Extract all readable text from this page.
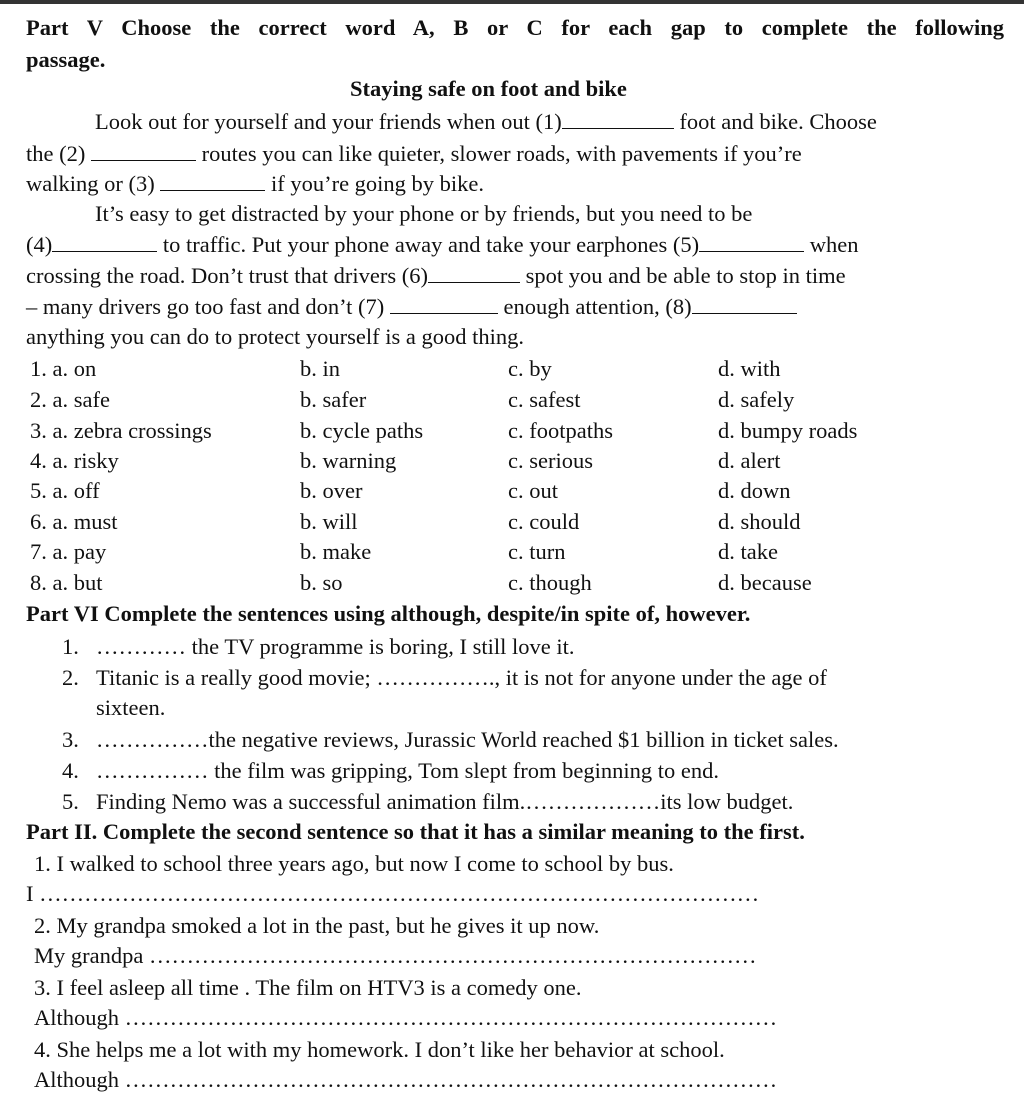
Part V Choose the correct word A, B or C for each gap to complete the following
passage.
Staying safe on foot and bike
Look out for yourself and your friends when out (1)	foot and bike. Choose
the (2)	routes you can like quieter, slower roads, with pavements if you’re
walking or (3)	if you’re going by bike.
It’s easy to get distracted by your phone or by friends, but you need to be
(4)	to traffic. Put your phone away and take your earphones (5)	when
crossing the road. Don’t trust that drivers (6)	spot you and be able to stop in time
– many drivers go too fast and don’t (7)	enough attention, (8)
anything you can do to protect yourself is a good thing.
1. a. on	b. in	c. by	d. with
2. a. safe	b. safer	c. safest	d. safely
3. a. zebra crossings	b. cycle paths	c. footpaths	d. bumpy roads
4. a. risky	b. warning	c. serious	d. alert
5. a. off	b. over	c. out	d. down
6. a. must	b. will	c. could	d. should
7. a. pay	b. make	c. turn	d. take
8. a. but	b. so	c. though	d. because
Part VI Complete the sentences using although, despite/in spite of, however.
1. ………… the TV programme is boring, I still love it.
2. Titanic is a really good movie; ……………., it is not for anyone under the age of
sixteen.
3. ……………the negative reviews, Jurassic World reached $1 billion in ticket sales.
4. …………… the film was gripping, Tom slept from beginning to end.
5. Finding Nemo was a successful animation film.………………its low budget.
Part II. Complete the second sentence so that it has a similar meaning to the first.
1. I walked to school three years ago, but now I come to school by bus.
I ……………………………………………………………………………………
2. My grandpa smoked a lot in the past, but he gives it up now.
My grandpa ………………………………………………………………………
3. I feel asleep all time . The film on HTV3 is a comedy one.
Although ……………………………………………………………………………
4. She helps me a lot with my homework. I don’t like her behavior at school.
Although ……………………………………………………………………………
